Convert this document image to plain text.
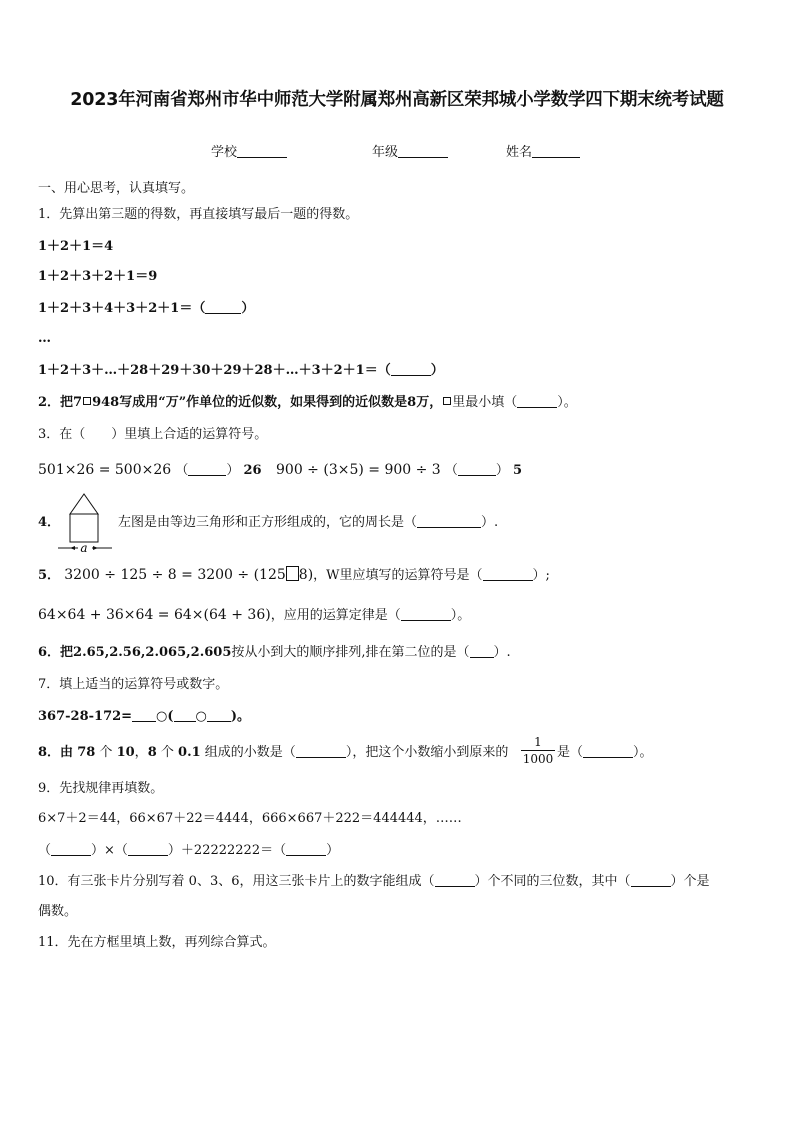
2023年河南省郑州市华中师范大学附属郑州高新区荣邦城小学数学四下期末统考试题
学校	年级	姓名
一、用心思考，认真填写。
1．先算出第三题的得数，再直接填写最后一题的得数。
1＋2＋1＝4
1＋2＋3＋2＋1＝9
1＋2＋3＋4＋3＋2＋1＝（	）
…
1＋2＋3＋…＋28＋29＋30＋29＋28＋…＋3＋2＋1＝（	）
2．把7 948写成用“万”作单位的近似数，如果得到的近似数是8万， 里最小填（	）。
3．在（　　）里填上合适的运算符号。
501×26 = 500×26 （	） 26 900 ÷ (3×5) = 900 ÷ 3 （	） 5
4．
a
左图是由等边三角形和正方形组成的，它的周长是（	）.
5． 3200 ÷ 125 ÷ 8 = 3200 ÷ (125 8)，W里应填写的运算符号是（	）;
64×64 + 36×64 = 64×(64 + 36)，应用的运算定律是（	）。
6．把2.65,2.56,2.065,2.605按从小到大的顺序排列,排在第二位的是（ ）.
7．填上适当的运算符号或数字。
367-28-172= ○( ○ )。
8．由 78 个 10，8 个 0.1 组成的小数是（	），把这个小数缩小到原来的 $\frac{1}{1000}$ 是（	）。
9．先找规律再填数。
6×7＋2＝44，66×67＋22＝4444，666×667＋222＝444444，……
（	）×（	）＋22222222＝（	）
10．有三张卡片分别写着 0、3、6，用这三张卡片上的数字能组成（	）个不同的三位数，其中（	）个是
偶数。
11．先在方框里填上数，再列综合算式。
